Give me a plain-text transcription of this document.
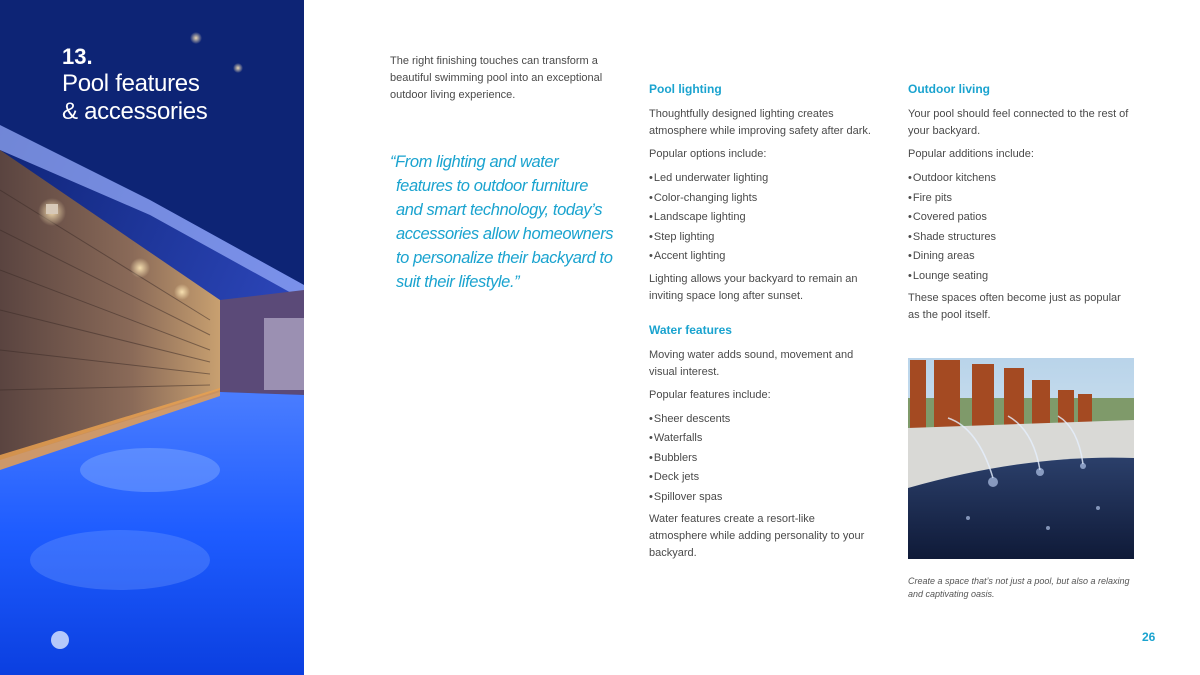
13.
Pool features
& accessories
The right finishing touches can transform a beautiful swimming pool into an exceptional outdoor living experience.
“From lighting and water
features to outdoor furniture
and smart technology, today’s
accessories allow homeowners
to personalize their backyard to
suit their lifestyle.”
Pool lighting
Thoughtfully designed lighting creates atmosphere while improving safety after dark.
Popular options include:
• Led underwater lighting
• Color-changing lights
• Landscape lighting
• Step lighting
• Accent lighting
Lighting allows your backyard to remain an inviting space long after sunset.
Water features
Moving water adds sound, movement and visual interest.
Popular features include:
• Sheer descents
• Waterfalls
• Bubblers
• Deck jets
• Spillover spas
Water features create a resort-like atmosphere while adding personality to your backyard.
Outdoor living
Your pool should feel connected to the rest of your backyard.
Popular additions include:
• Outdoor kitchens
• Fire pits
• Covered patios
• Shade structures
• Dining areas
• Lounge seating
These spaces often become just as popular as the pool itself.
Create a space that’s not just a pool, but also a relaxing and captivating oasis.
26
